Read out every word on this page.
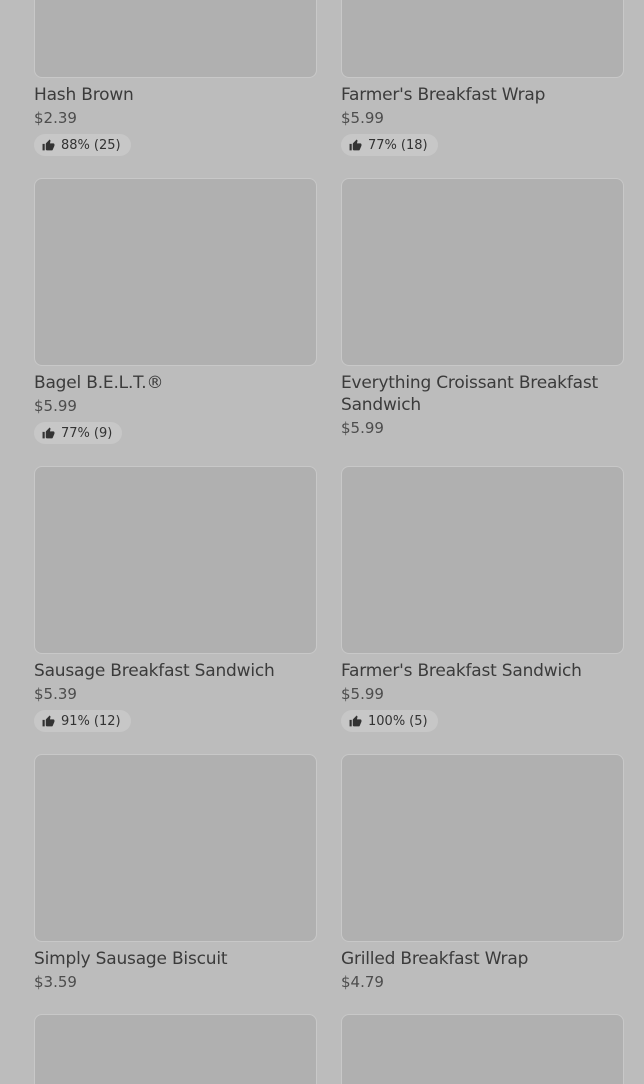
Hash Brown
$2.39
88% (25)
Farmer's Breakfast Wrap
$5.99
77% (18)
Bagel B.E.L.T.®
$5.99
77% (9)
Everything Croissant Breakfast Sandwich
$5.99
Sausage Breakfast Sandwich
$5.39
91% (12)
Farmer's Breakfast Sandwich
$5.99
100% (5)
Simply Sausage Biscuit
$3.59
Grilled Breakfast Wrap
$4.79
